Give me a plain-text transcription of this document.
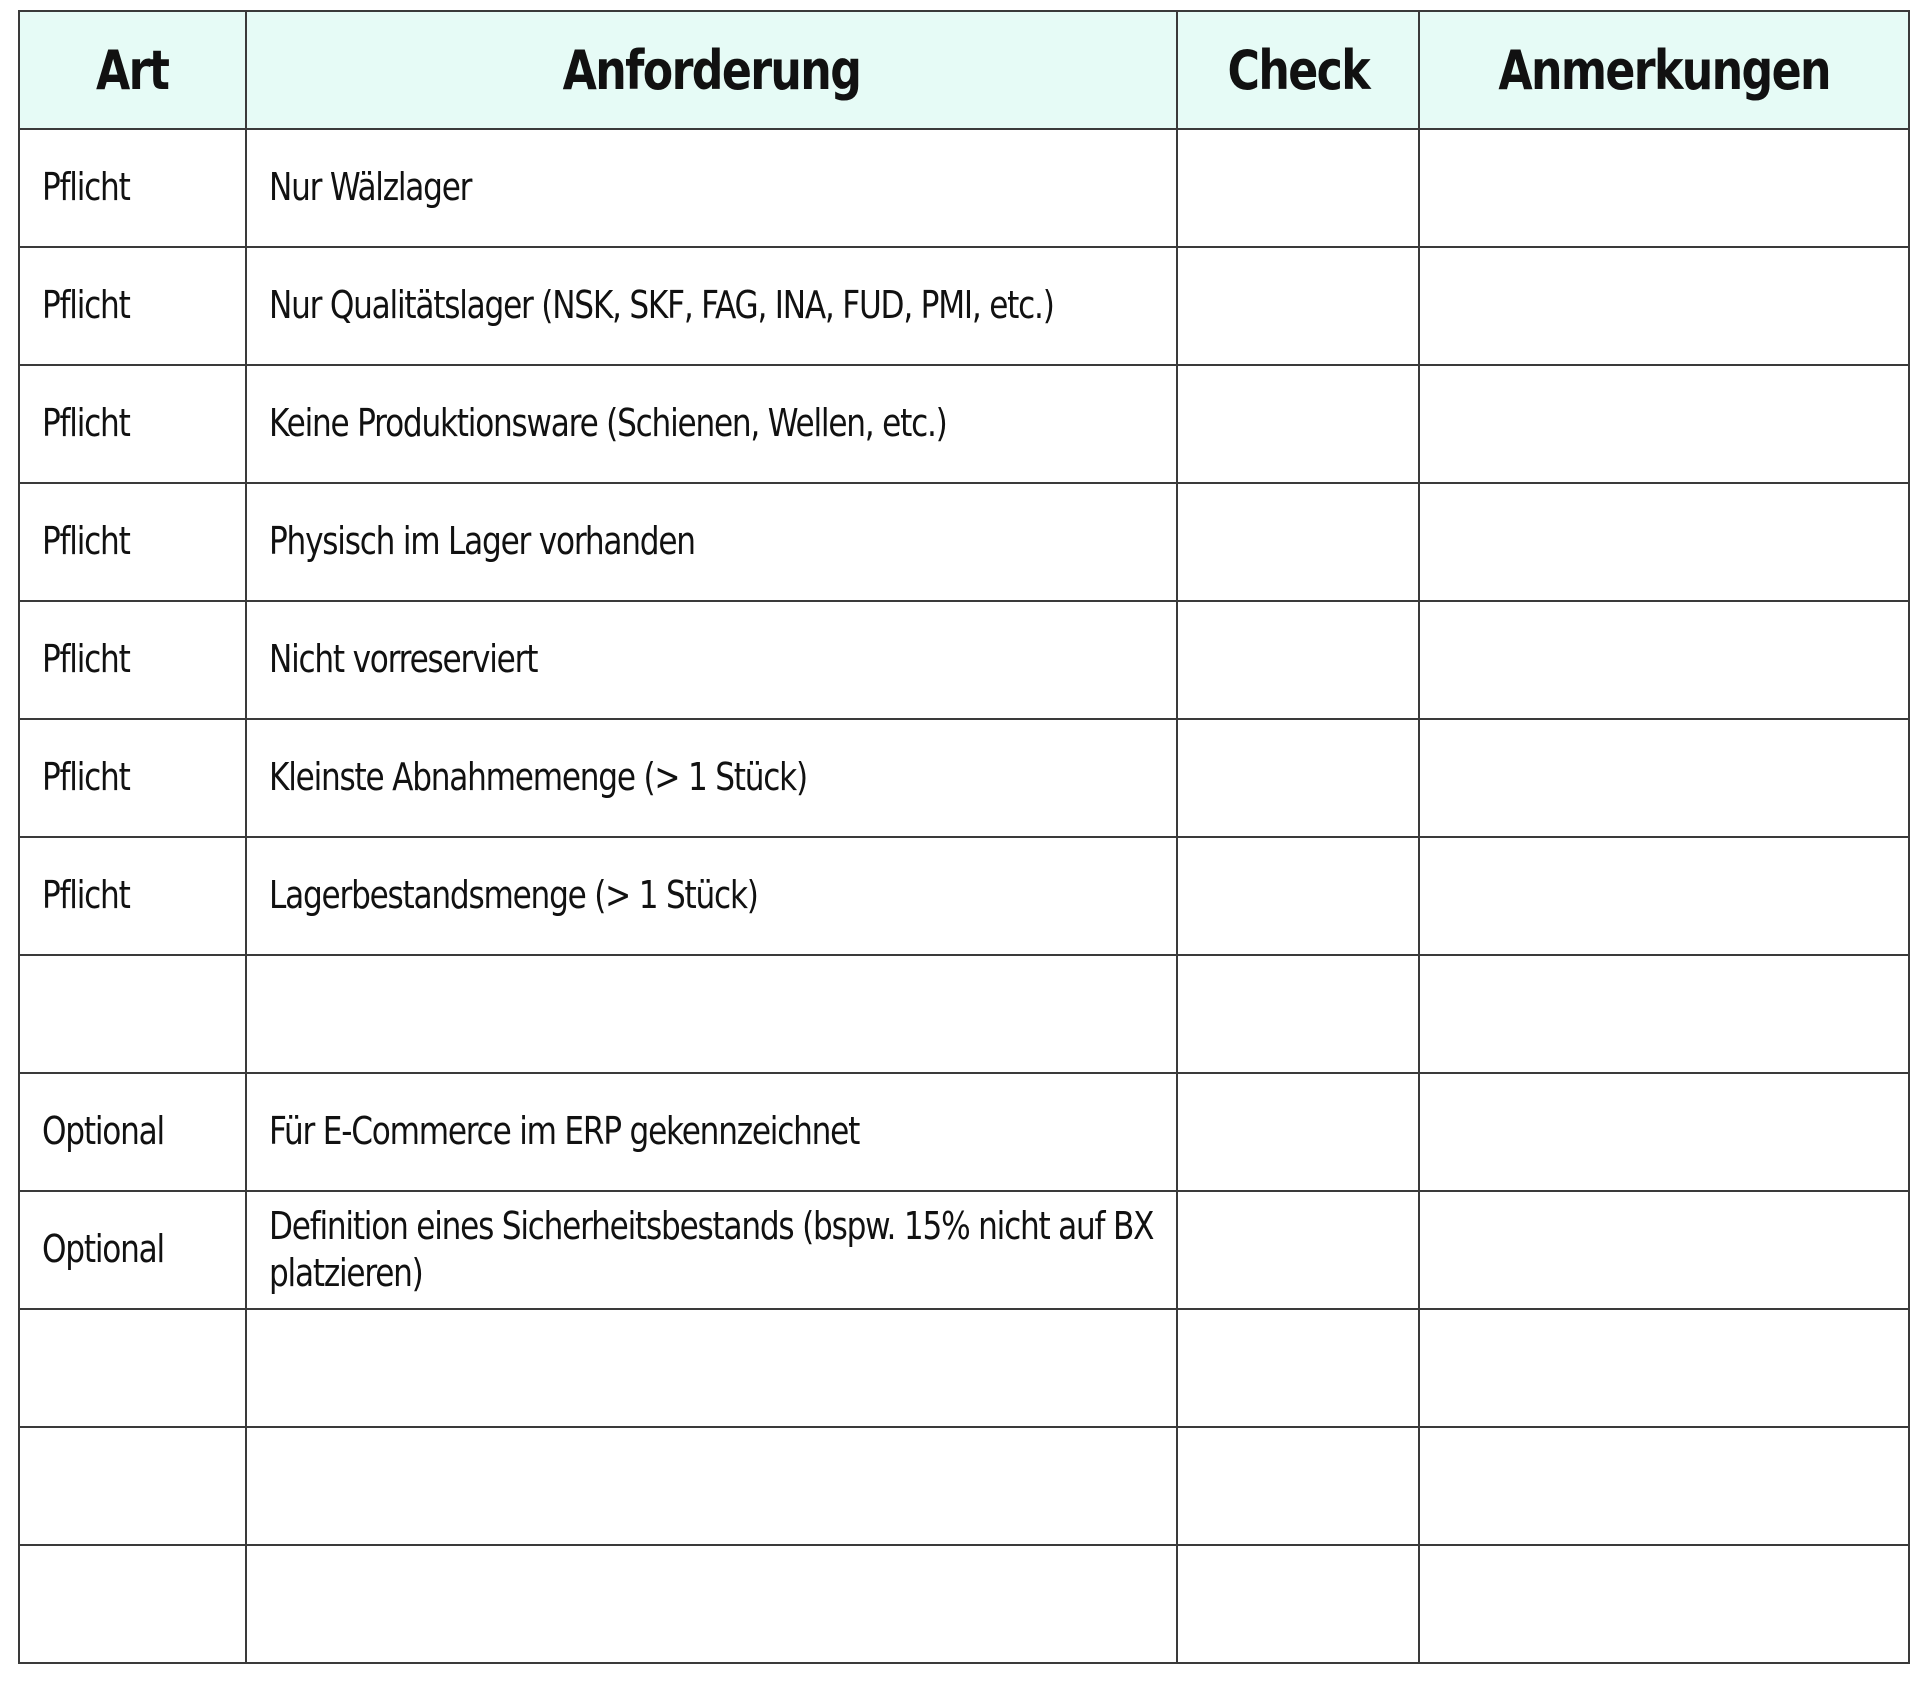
Art	Anforderung	Check	Anmerkungen
Pflicht	Nur Wälzlager		
Pflicht	Nur Qualitätslager (NSK, SKF, FAG, INA, FUD, PMI, etc.)		
Pflicht	Keine Produktionsware (Schienen, Wellen, etc.)		
Pflicht	Physisch im Lager vorhanden		
Pflicht	Nicht vorreserviert		
Pflicht	Kleinste Abnahmemenge (> 1 Stück)		
Pflicht	Lagerbestandsmenge (> 1 Stück)		

Optional	Für E-Commerce im ERP gekennzeichnet		
Optional	Definition eines Sicherheitsbestands (bspw. 15% nicht auf BX platzieren)		
